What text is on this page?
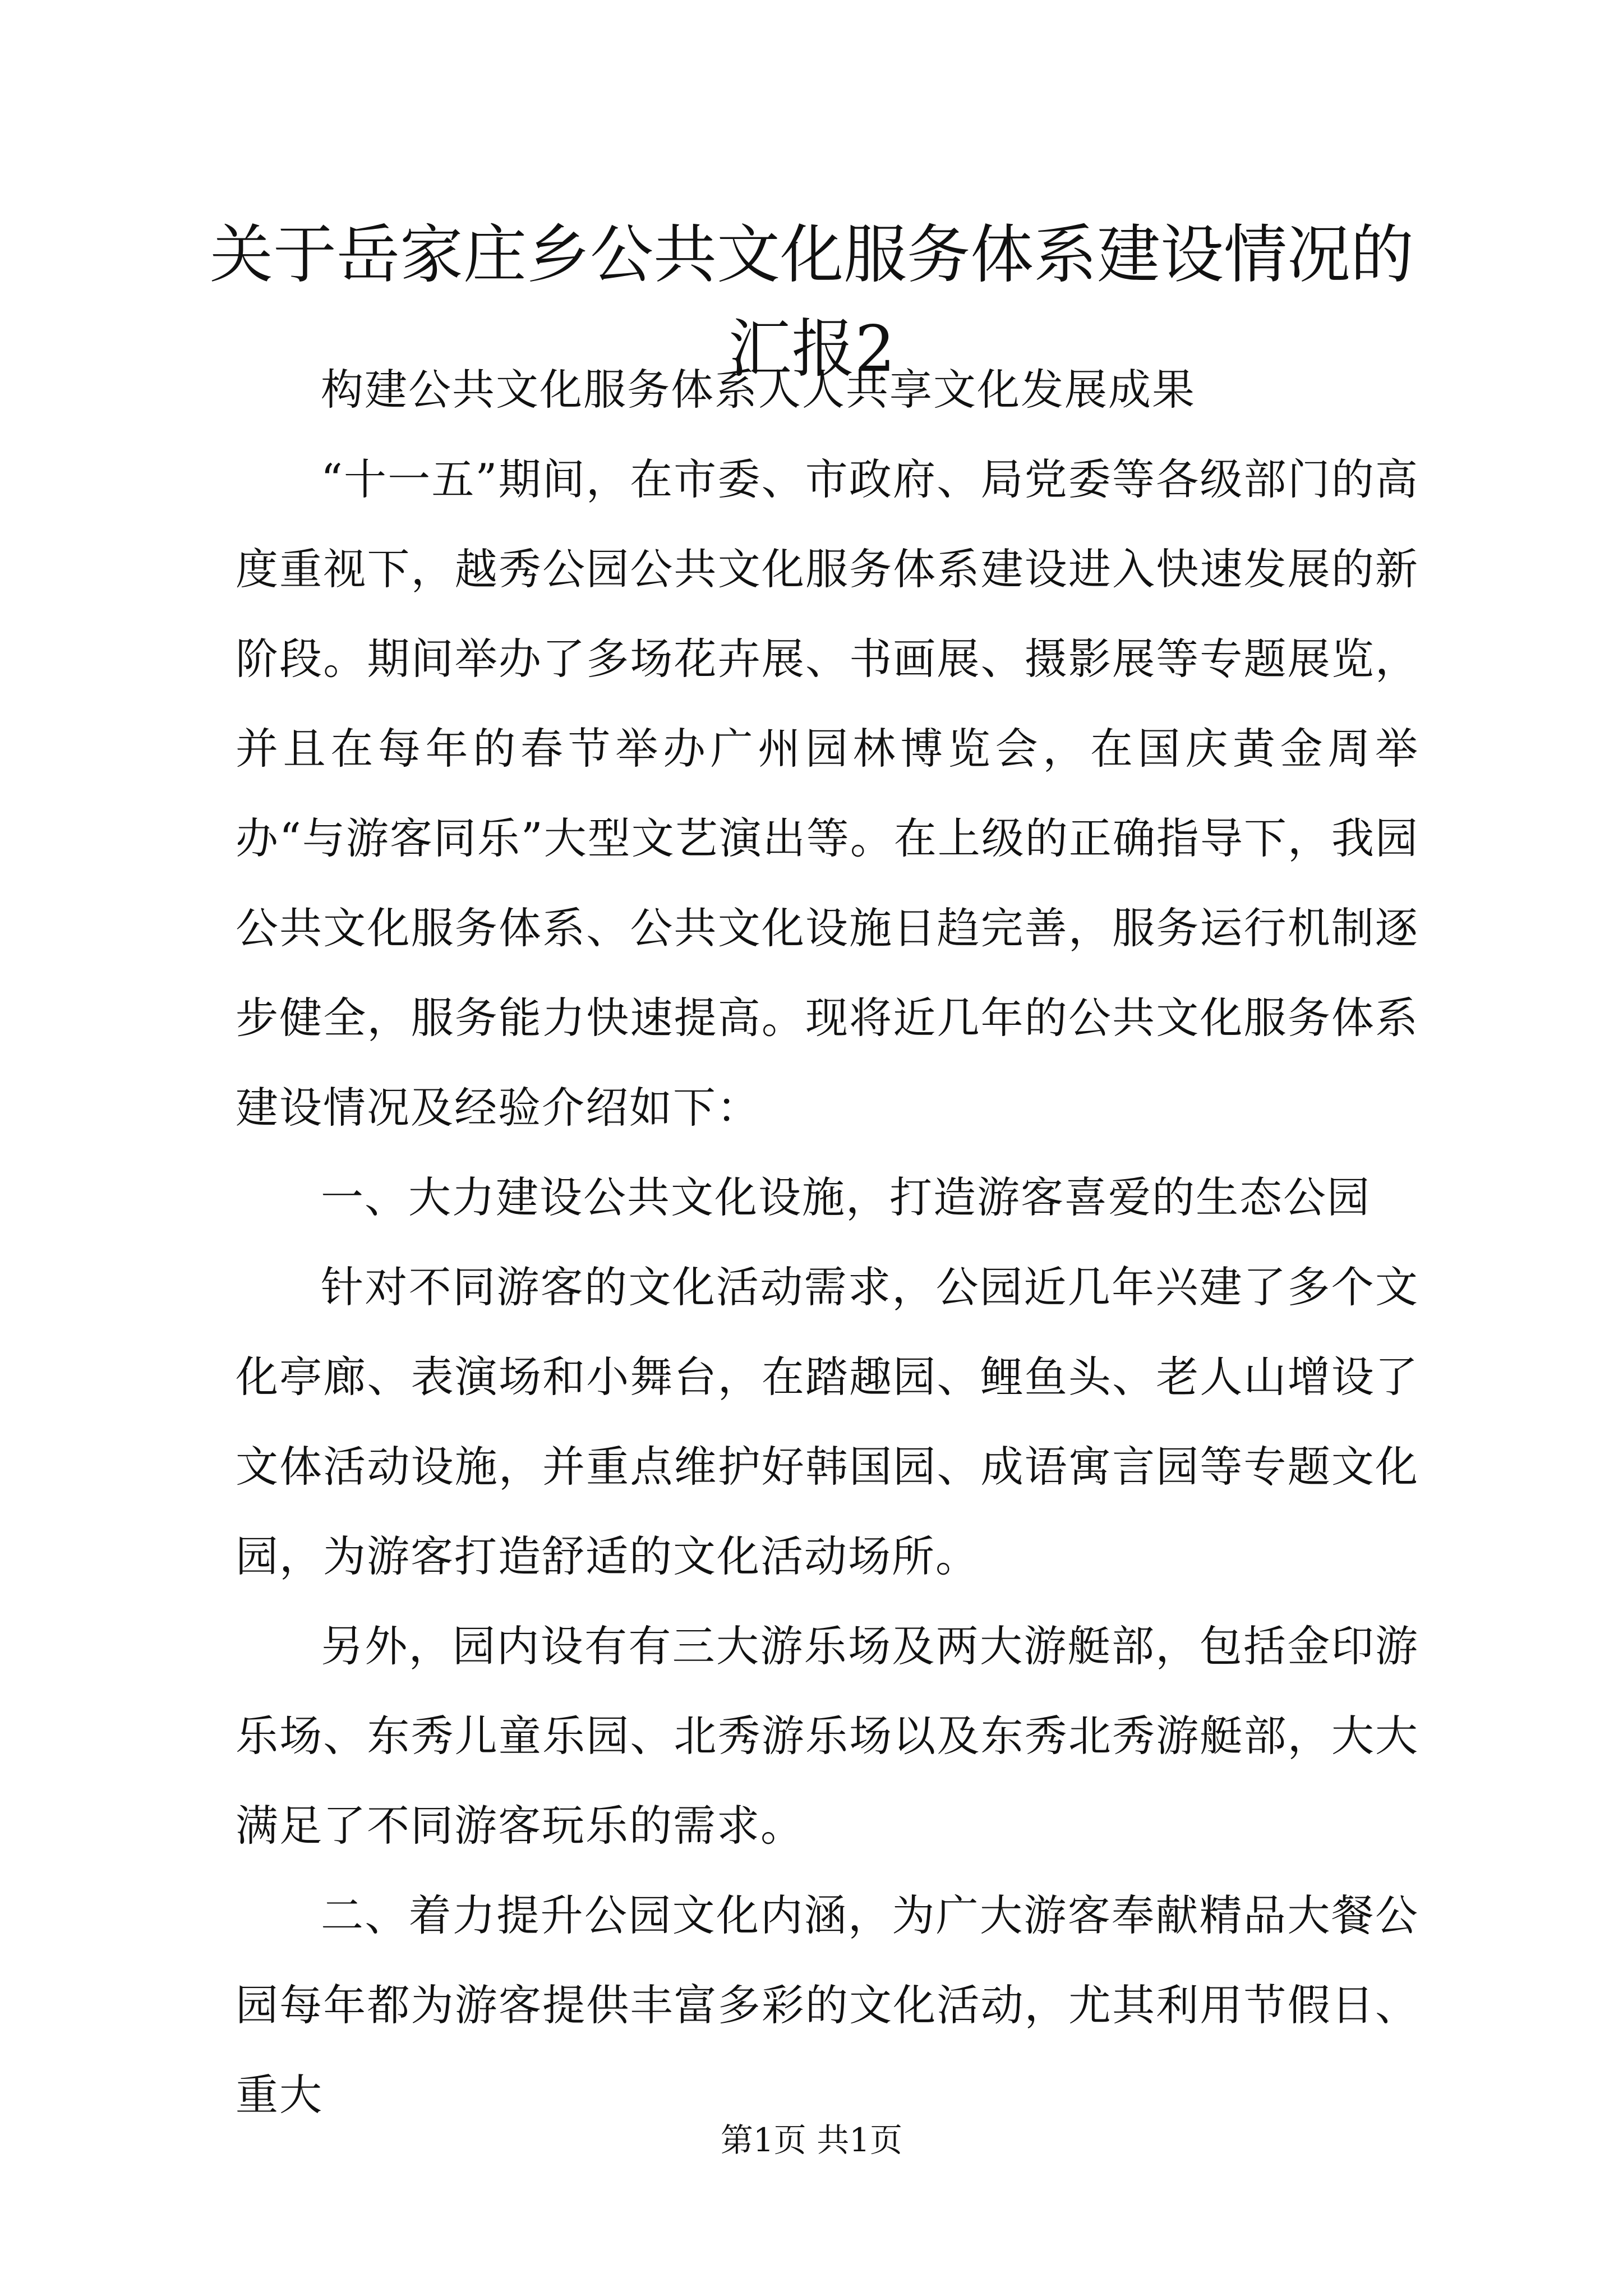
关于岳家庄乡公共文化服务体系建设情况的汇报2

构建公共文化服务体系人人共享文化发展成果

“十一五”期间，在市委、市政府、局党委等各级部门的高度重视下，越秀公园公共文化服务体系建设进入快速发展的新阶段。期间举办了多场花卉展、书画展、摄影展等专题展览，并且在每年的春节举办广州园林博览会，在国庆黄金周举办“与游客同乐”大型文艺演出等。在上级的正确指导下，我园公共文化服务体系、公共文化设施日趋完善，服务运行机制逐步健全，服务能力快速提高。现将近几年的公共文化服务体系建设情况及经验介绍如下：

一、大力建设公共文化设施，打造游客喜爱的生态公园

针对不同游客的文化活动需求，公园近几年兴建了多个文化亭廊、表演场和小舞台，在踏趣园、鲤鱼头、老人山增设了文体活动设施，并重点维护好韩国园、成语寓言园等专题文化园，为游客打造舒适的文化活动场所。

另外，园内设有有三大游乐场及两大游艇部，包括金印游乐场、东秀儿童乐园、北秀游乐场以及东秀北秀游艇部，大大满足了不同游客玩乐的需求。

二、着力提升公园文化内涵，为广大游客奉献精品大餐公园每年都为游客提供丰富多彩的文化活动，尤其利用节假日、重大

第1页 共1页
